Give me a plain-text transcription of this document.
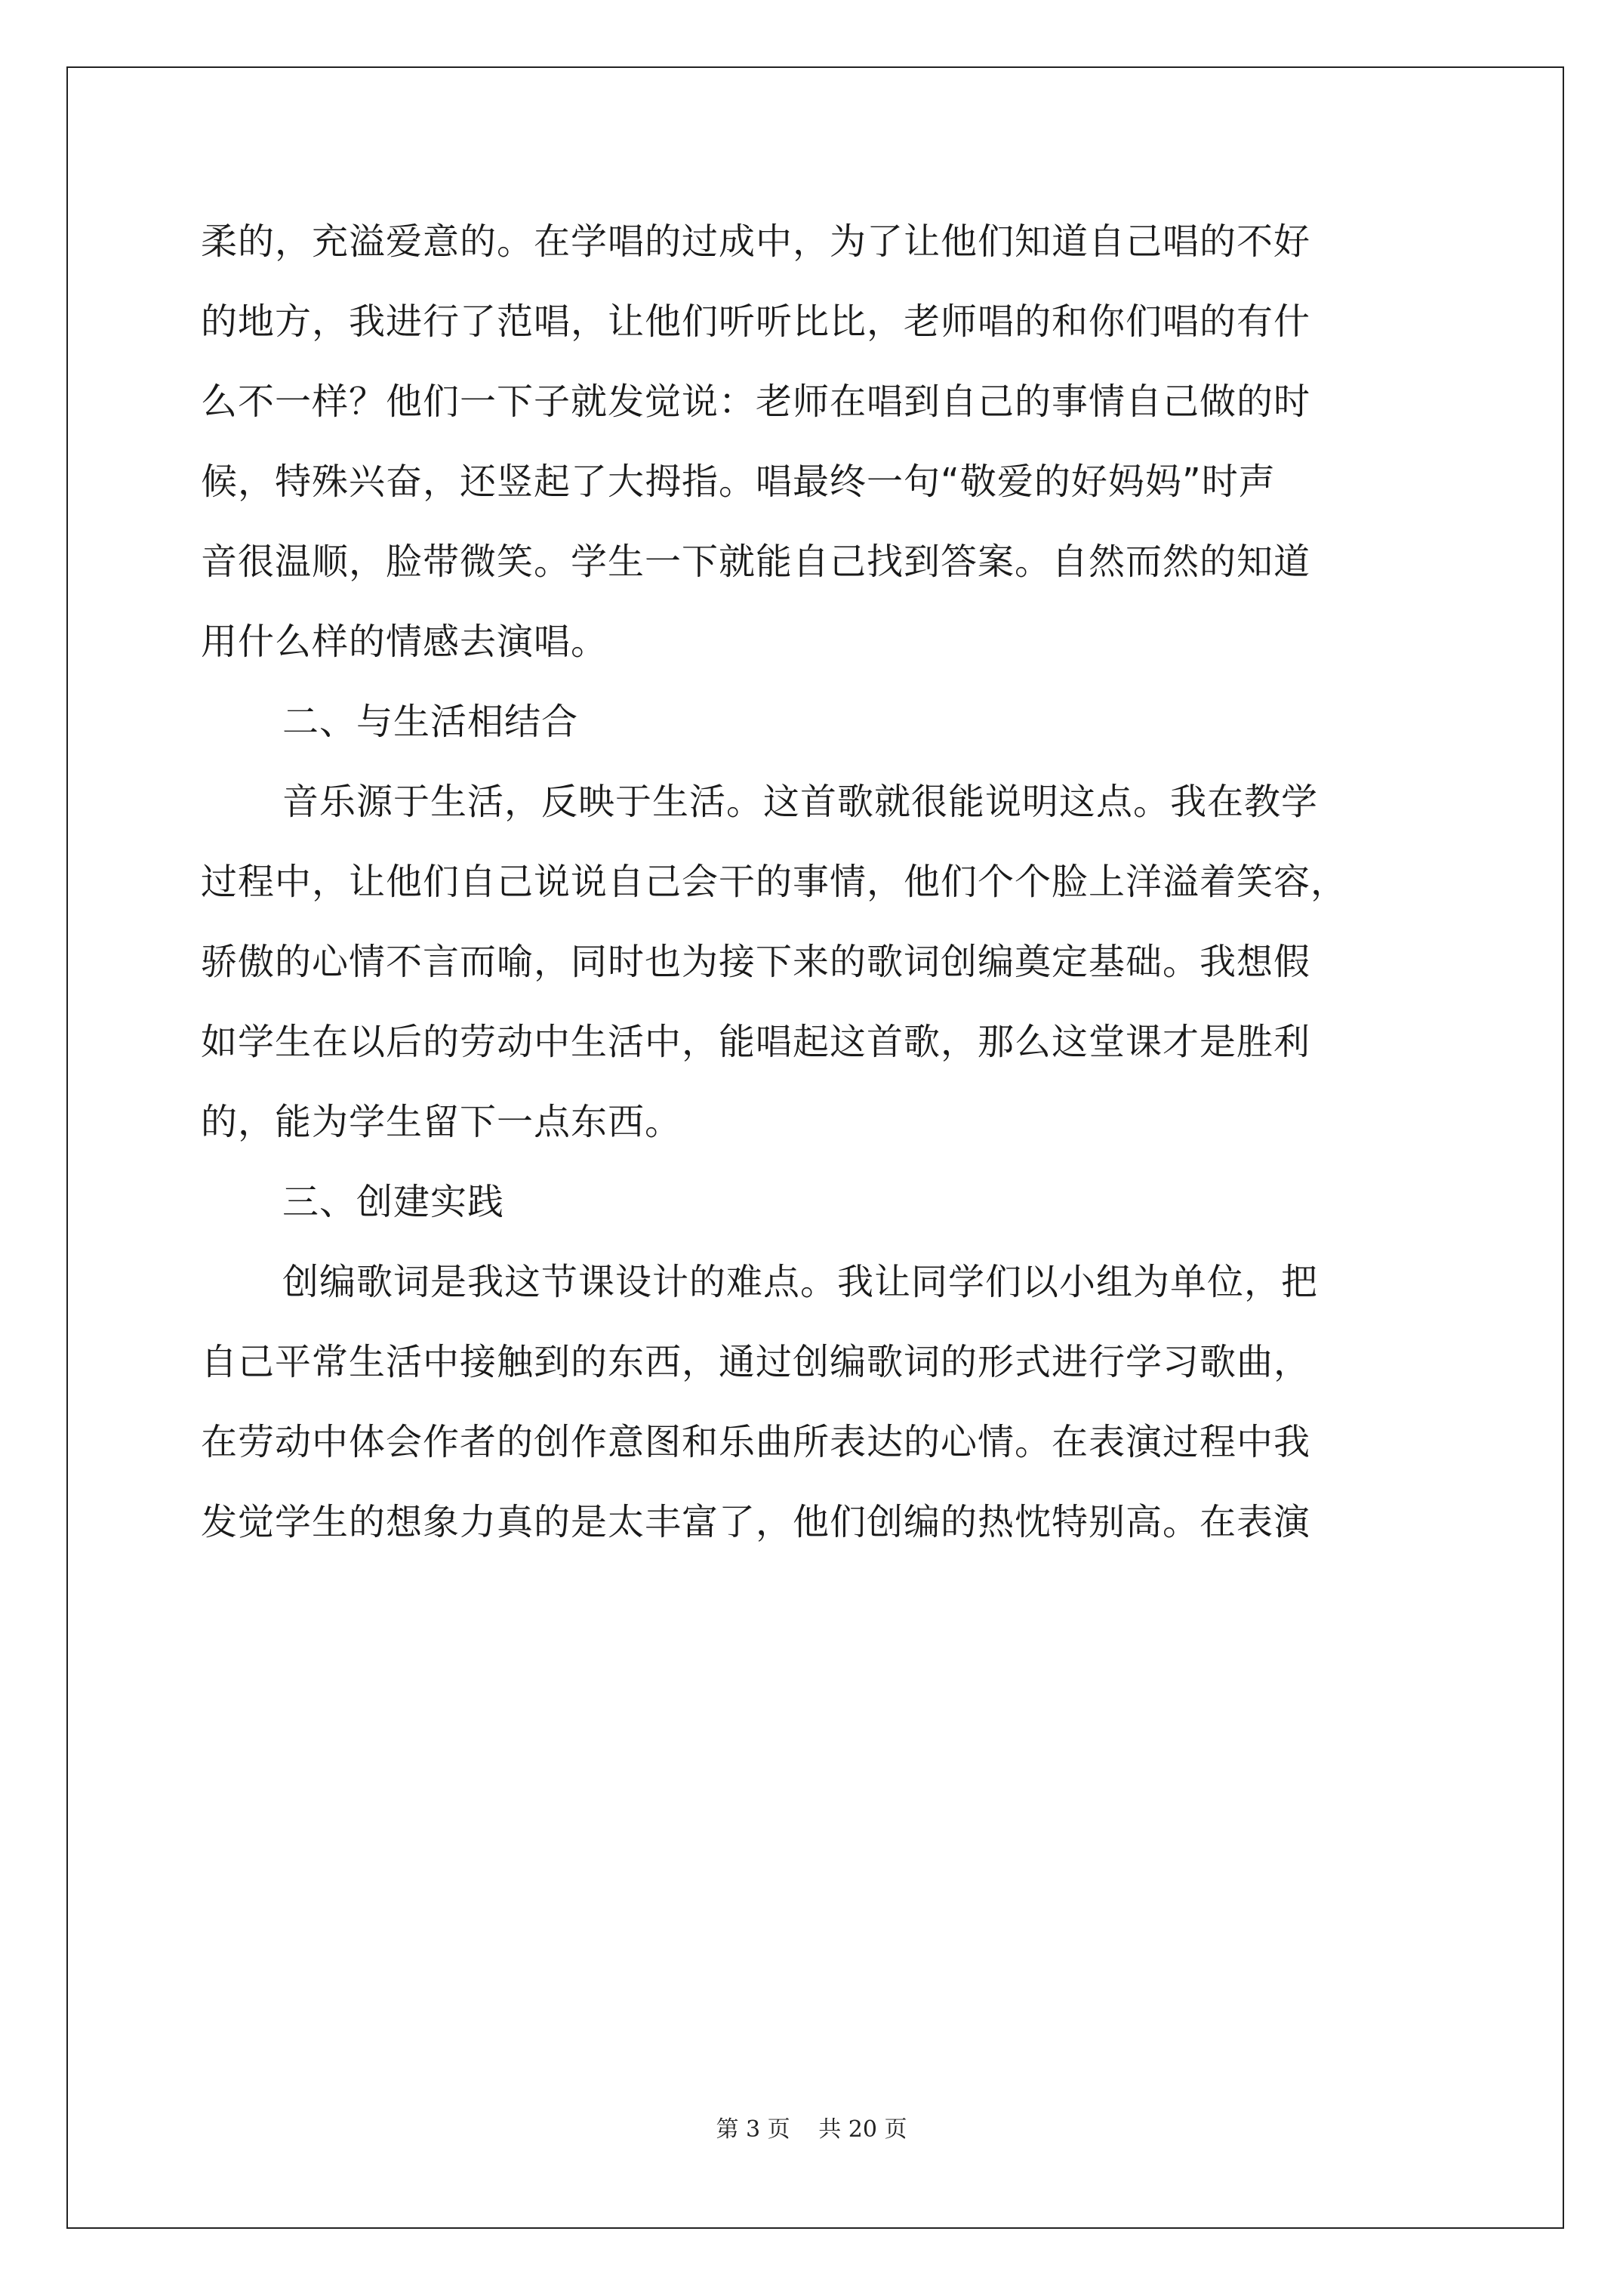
柔的，充溢爱意的。在学唱的过成中，为了让他们知道自己唱的不好
的地方，我进行了范唱，让他们听听比比，老师唱的和你们唱的有什
么不一样？他们一下子就发觉说：老师在唱到自己的事情自己做的时
候，特殊兴奋，还竖起了大拇指。唱最终一句“敬爱的好妈妈”时声
音很温顺，脸带微笑。学生一下就能自己找到答案。自然而然的知道
用什么样的情感去演唱。
二、与生活相结合
音乐源于生活，反映于生活。这首歌就很能说明这点。我在教学
过程中，让他们自己说说自己会干的事情，他们个个脸上洋溢着笑容，
骄傲的心情不言而喻，同时也为接下来的歌词创编奠定基础。我想假
如学生在以后的劳动中生活中，能唱起这首歌，那么这堂课才是胜利
的，能为学生留下一点东西。
三、创建实践
创编歌词是我这节课设计的难点。我让同学们以小组为单位，把
自己平常生活中接触到的东西，通过创编歌词的形式进行学习歌曲，
在劳动中体会作者的创作意图和乐曲所表达的心情。在表演过程中我
发觉学生的想象力真的是太丰富了，他们创编的热忱特别高。在表演
第 3 页 共 20 页
